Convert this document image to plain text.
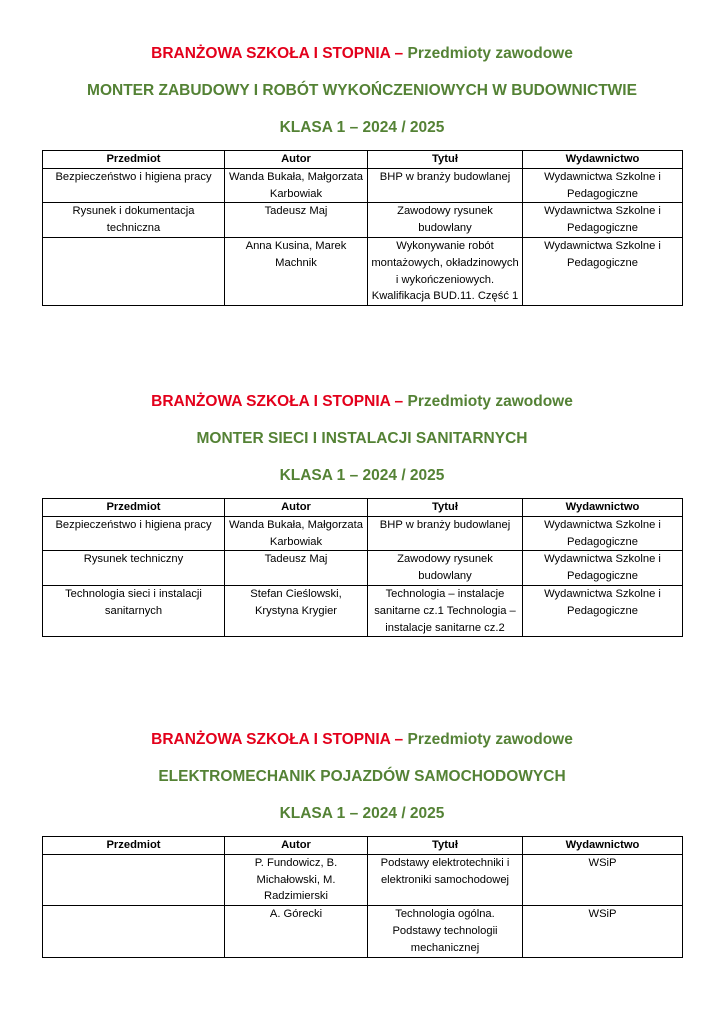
BRANŻOWA SZKOŁA I STOPNIA – Przedmioty zawodowe
MONTER ZABUDOWY I ROBÓT WYKOŃCZENIOWYCH W BUDOWNICTWIE
KLASA 1 – 2024 / 2025
Przedmiot	Autor	Tytuł	Wydawnictwo
Bezpieczeństwo i higiena pracy	Wanda Bukała, Małgorzata Karbowiak	BHP w branży budowlanej	Wydawnictwa Szkolne i Pedagogiczne
Rysunek i dokumentacja techniczna	Tadeusz Maj	Zawodowy rysunek budowlany	Wydawnictwa Szkolne i Pedagogiczne
	Anna Kusina, Marek Machnik	Wykonywanie robót montażowych, okładzinowych i wykończeniowych. Kwalifikacja BUD.11. Część 1	Wydawnictwa Szkolne i Pedagogiczne
BRANŻOWA SZKOŁA I STOPNIA – Przedmioty zawodowe
MONTER SIECI I INSTALACJI SANITARNYCH
KLASA 1 – 2024 / 2025
Przedmiot	Autor	Tytuł	Wydawnictwo
Bezpieczeństwo i higiena pracy	Wanda Bukała, Małgorzata Karbowiak	BHP w branży budowlanej	Wydawnictwa Szkolne i Pedagogiczne
Rysunek techniczny	Tadeusz Maj	Zawodowy rysunek budowlany	Wydawnictwa Szkolne i Pedagogiczne
Technologia sieci i instalacji sanitarnych	Stefan Cieślowski, Krystyna Krygier	Technologia – instalacje sanitarne cz.1 Technologia – instalacje sanitarne cz.2	Wydawnictwa Szkolne i Pedagogiczne
BRANŻOWA SZKOŁA I STOPNIA – Przedmioty zawodowe
ELEKTROMECHANIK POJAZDÓW SAMOCHODOWYCH
KLASA 1 – 2024 / 2025
Przedmiot	Autor	Tytuł	Wydawnictwo
	P. Fundowicz, B. Michałowski, M. Radzimierski	Podstawy elektrotechniki i elektroniki samochodowej	WSiP
	A. Górecki	Technologia ogólna. Podstawy technologii mechanicznej	WSiP
